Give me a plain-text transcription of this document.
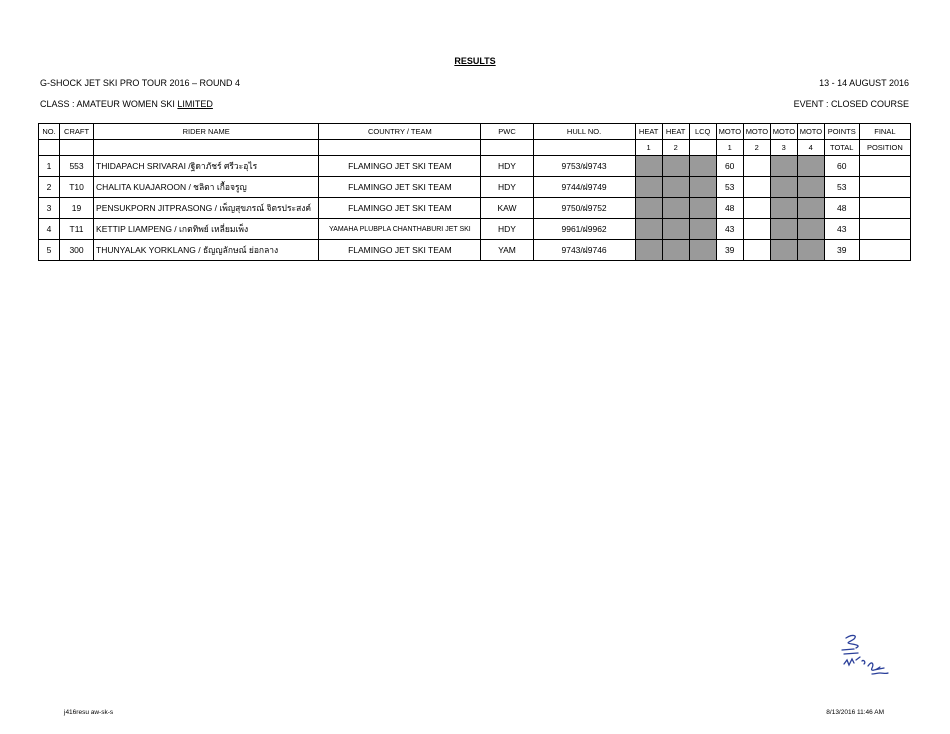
RESULTS
G-SHOCK JET SKI PRO TOUR 2016 – ROUND 4	13 - 14 AUGUST 2016
CLASS : AMATEUR WOMEN SKI LIMITED	EVENT : CLOSED COURSE
NO.	CRAFT	RIDER NAME	COUNTRY / TEAM	PWC	HULL NO.	HEAT	HEAT	LCQ	MOTO	MOTO	MOTO	MOTO	POINTS	FINAL
						1	2		1	2	3	4	TOTAL	POSITION
1	553	THIDAPACH SRIVARAI /ฐิดาภัชร์ ศรีวะอุไร	FLAMINGO JET SKI TEAM	HDY	9753/ฝ9743				60				60	
2	T10	CHALITA KUAJAROON / ชลิตา เกื้อจรูญ	FLAMINGO JET SKI TEAM	HDY	9744/ฝ9749				53				53	
3	19	PENSUKPORN JITPRASONG / เพ็ญสุขภรณ์ จิตรประสงค์	FLAMINGO JET SKI TEAM	KAW	9750/ฝ9752				48				48	
4	T11	KETTIP LIAMPENG / เกตทิพย์ เหลี่ยมเพ็ง	YAMAHA PLUBPLA CHANTHABURI JET SKI	HDY	9961/ฝ9962				43				43	
5	300	THUNYALAK YORKLANG / ธัญญลักษณ์ ย่อกลาง	FLAMINGO JET SKI TEAM	YAM	9743/ฝ9746				39				39	
j416resu aw-sk-s	8/13/2016 11:46 AM
